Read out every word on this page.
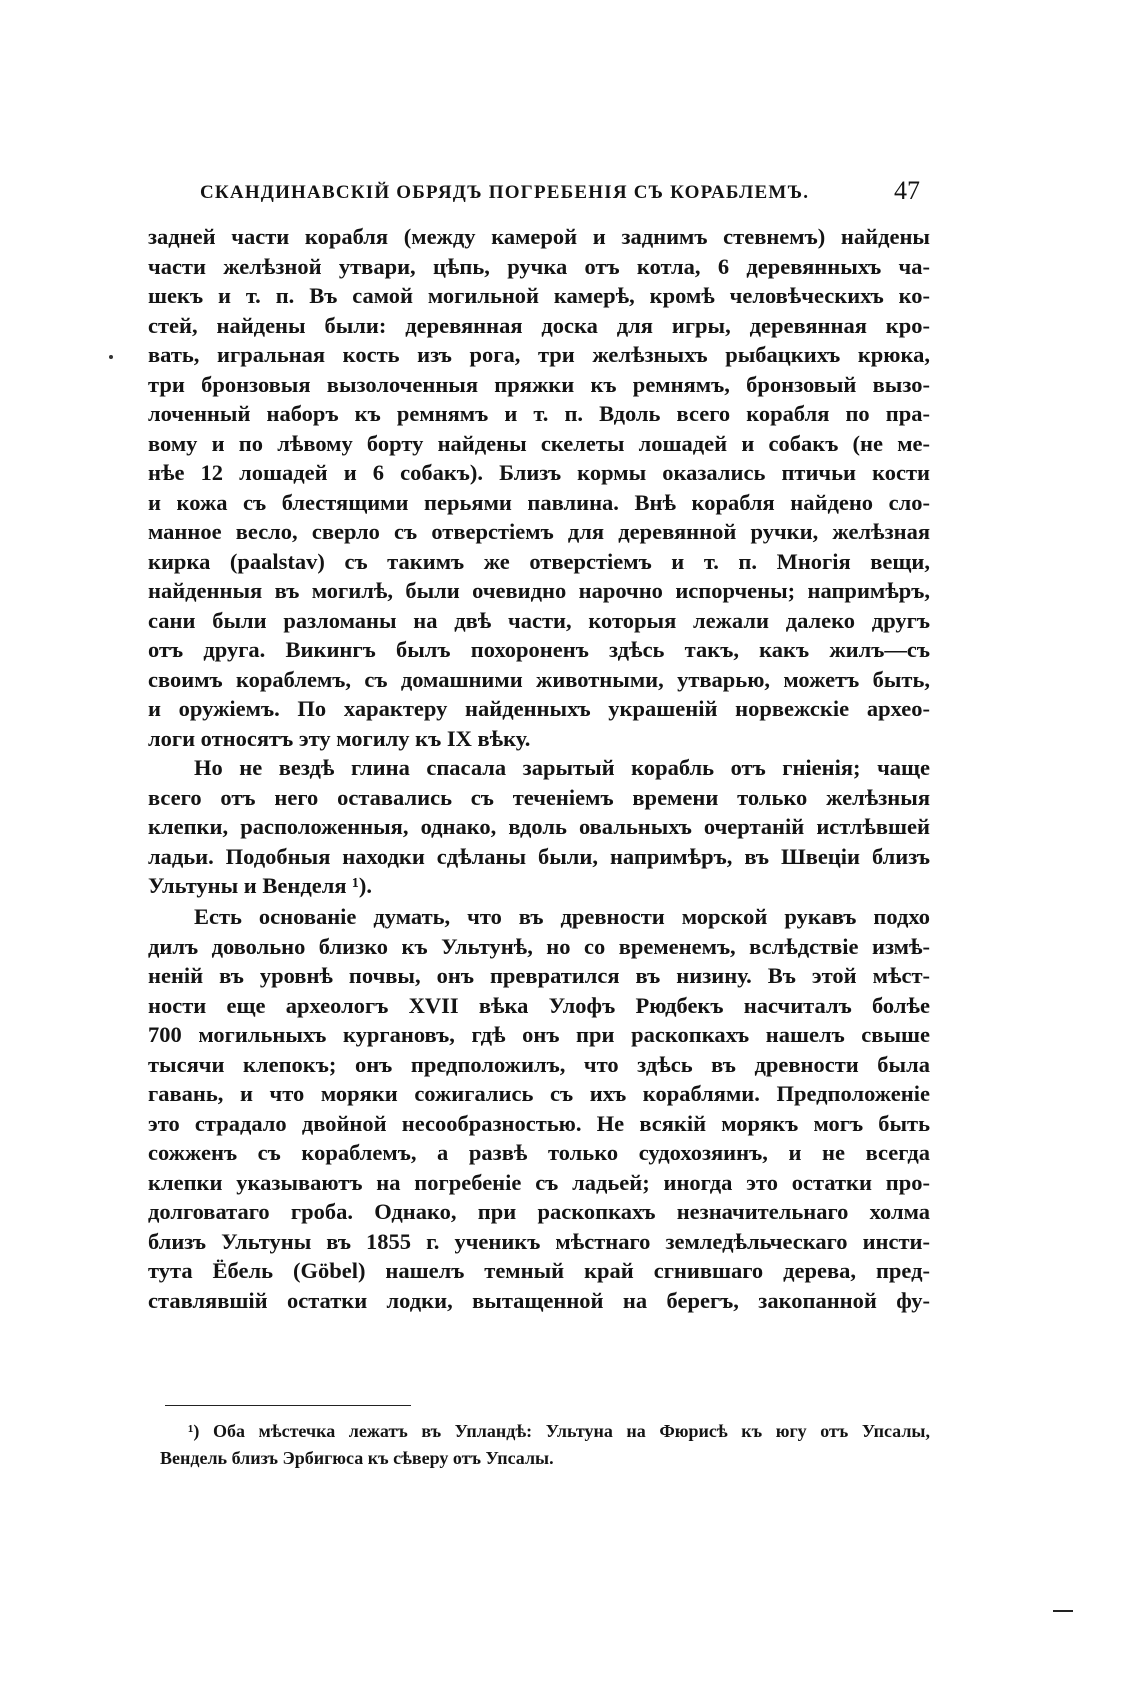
СКАНДИНАВСКІЙ ОБРЯДЪ ПОГРЕБЕНІЯ СЪ КОРАБЛЕМЪ.	47
задней части корабля (между камерой и заднимъ стевнемъ) найдены
части желѣзной утвари, цѣпь, ручка отъ котла, 6 деревянныхъ ча-
шекъ и т. п. Въ самой могильной камерѣ, кромѣ человѣческихъ ко-
стей, найдены были: деревянная доска для игры, деревянная кро-
вать, игральная кость изъ рога, три желѣзныхъ рыбацкихъ крюка,
три бронзовыя вызолоченныя пряжки къ ремнямъ, бронзовый вызо-
лоченный наборъ къ ремнямъ и т. п. Вдоль всего корабля по пра-
вому и по лѣвому борту найдены скелеты лошадей и собакъ (не ме-
нѣе 12 лошадей и 6 собакъ). Близъ кормы оказались птичьи кости
и кожа съ блестящими перьями павлина. Внѣ корабля найдено сло-
манное весло, сверло съ отверстіемъ для деревянной ручки, желѣзная
кирка (paalstav) съ такимъ же отверстіемъ и т. п. Многія вещи,
найденныя въ могилѣ, были очевидно нарочно испорчены; напримѣръ,
сани были разломаны на двѣ части, которыя лежали далеко другъ
отъ друга. Викингъ былъ похороненъ здѣсь такъ, какъ жилъ—съ
своимъ кораблемъ, съ домашними животными, утварью, можетъ быть,
и оружіемъ. По характеру найденныхъ украшеній норвежскіе архео-
логи относятъ эту могилу къ IX вѣку.
Но не вездѣ глина спасала зарытый корабль отъ гніенія; чаще
всего отъ него оставались съ теченіемъ времени только желѣзныя
клепки, расположенныя, однако, вдоль овальныхъ очертаній истлѣвшей
ладьи. Подобныя находки сдѣланы были, напримѣръ, въ Швеціи близъ
Ультуны и Венделя ¹).
Есть основаніе думать, что въ древности морской рукавъ подхо
дилъ довольно близко къ Ультунѣ, но со временемъ, вслѣдствіе измѣ-
неній въ уровнѣ почвы, онъ превратился въ низину. Въ этой мѣст-
ности еще археологъ XVII вѣка Улофъ Рюдбекъ насчиталъ болѣе
700 могильныхъ кургановъ, гдѣ онъ при раскопкахъ нашелъ свыше
тысячи клепокъ; онъ предположилъ, что здѣсь въ древности была
гавань, и что моряки сожигались съ ихъ кораблями. Предположеніе
это страдало двойной несообразностью. Не всякій морякъ могъ быть
сожженъ съ кораблемъ, а развѣ только судохозяинъ, и не всегда
клепки указываютъ на погребеніе съ ладьей; иногда это остатки про-
долговатаго гроба. Однако, при раскопкахъ незначительнаго холма
близъ Ультуны въ 1855 г. ученикъ мѣстнаго земледѣльческаго инсти-
тута Ёбель (Göbel) нашелъ темный край сгнившаго дерева, пред-
ставлявшій остатки лодки, вытащенной на берегъ, закопанной фу-
¹) Оба мѣстечка лежатъ въ Упландѣ: Ультуна на Фюрисѣ къ югу отъ Упсалы,
Вендель близъ Эрбигюса къ сѣверу отъ Упсалы.
